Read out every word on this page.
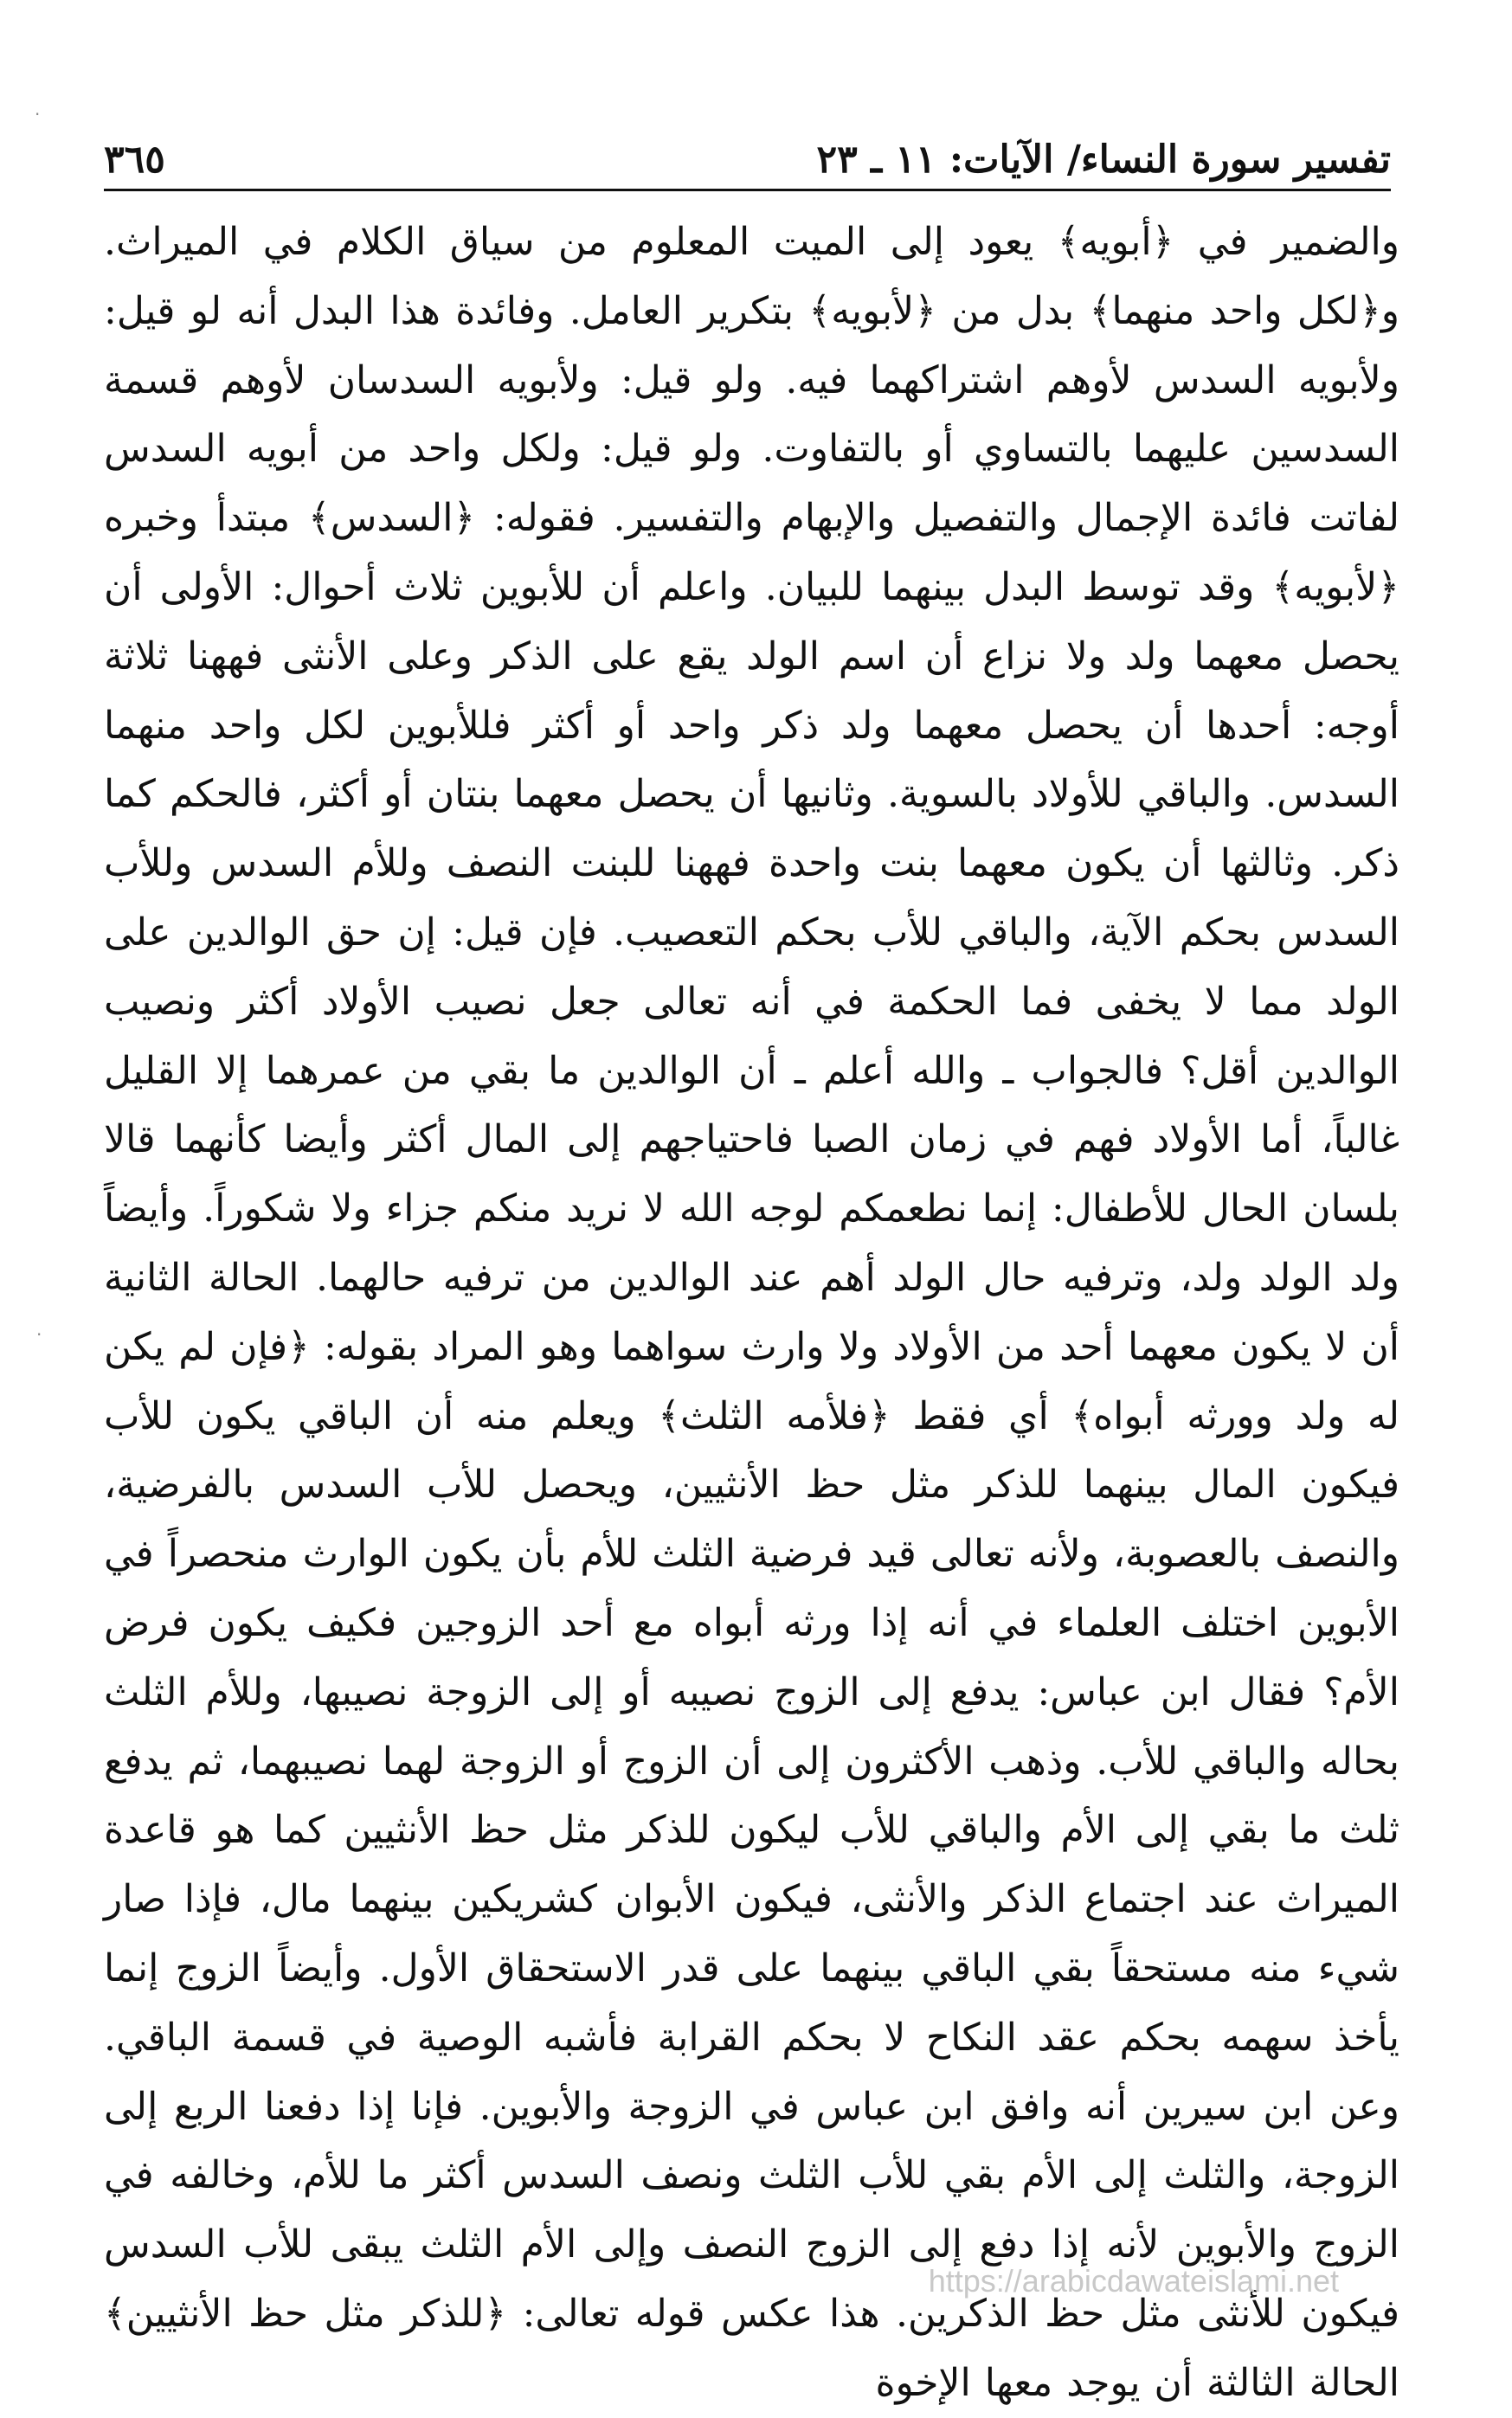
تفسير سورة النساء/ الآيات: ١١ ـ ٢٣
٣٦٥

والضمير في ﴿أبويه﴾ يعود إلى الميت المعلوم من سياق الكلام في الميراث. و﴿لكل واحد منهما﴾ بدل من ﴿لأبويه﴾ بتكرير العامل. وفائدة هذا البدل أنه لو قيل: ولأبويه السدس لأوهم اشتراكهما فيه. ولو قيل: ولأبويه السدسان لأوهم قسمة السدسين عليهما بالتساوي أو بالتفاوت. ولو قيل: ولكل واحد من أبويه السدس لفاتت فائدة الإجمال والتفصيل والإبهام والتفسير. فقوله: ﴿السدس﴾ مبتدأ وخبره ﴿لأبويه﴾ وقد توسط البدل بينهما للبيان. واعلم أن للأبوين ثلاث أحوال: الأولى أن يحصل معهما ولد ولا نزاع أن اسم الولد يقع على الذكر وعلى الأنثى فههنا ثلاثة أوجه: أحدها أن يحصل معهما ولد ذكر واحد أو أكثر فللأبوين لكل واحد منهما السدس. والباقي للأولاد بالسوية. وثانيها أن يحصل معهما بنتان أو أكثر، فالحكم كما ذكر. وثالثها أن يكون معهما بنت واحدة فههنا للبنت النصف وللأم السدس وللأب السدس بحكم الآية، والباقي للأب بحكم التعصيب. فإن قيل: إن حق الوالدين على الولد مما لا يخفى فما الحكمة في أنه تعالى جعل نصيب الأولاد أكثر ونصيب الوالدين أقل؟ فالجواب ـ والله أعلم ـ أن الوالدين ما بقي من عمرهما إلا القليل غالباً، أما الأولاد فهم في زمان الصبا فاحتياجهم إلى المال أكثر وأيضا كأنهما قالا بلسان الحال للأطفال: إنما نطعمكم لوجه الله لا نريد منكم جزاء ولا شكوراً. وأيضاً ولد الولد ولد، وترفيه حال الولد أهم عند الوالدين من ترفيه حالهما. الحالة الثانية أن لا يكون معهما أحد من الأولاد ولا وارث سواهما وهو المراد بقوله: ﴿فإن لم يكن له ولد وورثه أبواه﴾ أي فقط ﴿فلأمه الثلث﴾ ويعلم منه أن الباقي يكون للأب فيكون المال بينهما للذكر مثل حظ الأنثيين، ويحصل للأب السدس بالفرضية، والنصف بالعصوبة، ولأنه تعالى قيد فرضية الثلث للأم بأن يكون الوارث منحصراً في الأبوين اختلف العلماء في أنه إذا ورثه أبواه مع أحد الزوجين فكيف يكون فرض الأم؟ فقال ابن عباس: يدفع إلى الزوج نصيبه أو إلى الزوجة نصيبها، وللأم الثلث بحاله والباقي للأب. وذهب الأكثرون إلى أن الزوج أو الزوجة لهما نصيبهما، ثم يدفع ثلث ما بقي إلى الأم والباقي للأب ليكون للذكر مثل حظ الأنثيين كما هو قاعدة الميراث عند اجتماع الذكر والأنثى، فيكون الأبوان كشريكين بينهما مال، فإذا صار شيء منه مستحقاً بقي الباقي بينهما على قدر الاستحقاق الأول. وأيضاً الزوج إنما يأخذ سهمه بحكم عقد النكاح لا بحكم القرابة فأشبه الوصية في قسمة الباقي. وعن ابن سيرين أنه وافق ابن عباس في الزوجة والأبوين. فإنا إذا دفعنا الربع إلى الزوجة، والثلث إلى الأم بقي للأب الثلث ونصف السدس أكثر ما للأم، وخالفه في الزوج والأبوين لأنه إذا دفع إلى الزوج النصف وإلى الأم الثلث يبقى للأب السدس فيكون للأنثى مثل حظ الذكرين. هذا عكس قوله تعالى: ﴿للذكر مثل حظ الأنثيين﴾ الحالة الثالثة أن يوجد معها الإخوة

https://arabicdawateislami.net
·
·
